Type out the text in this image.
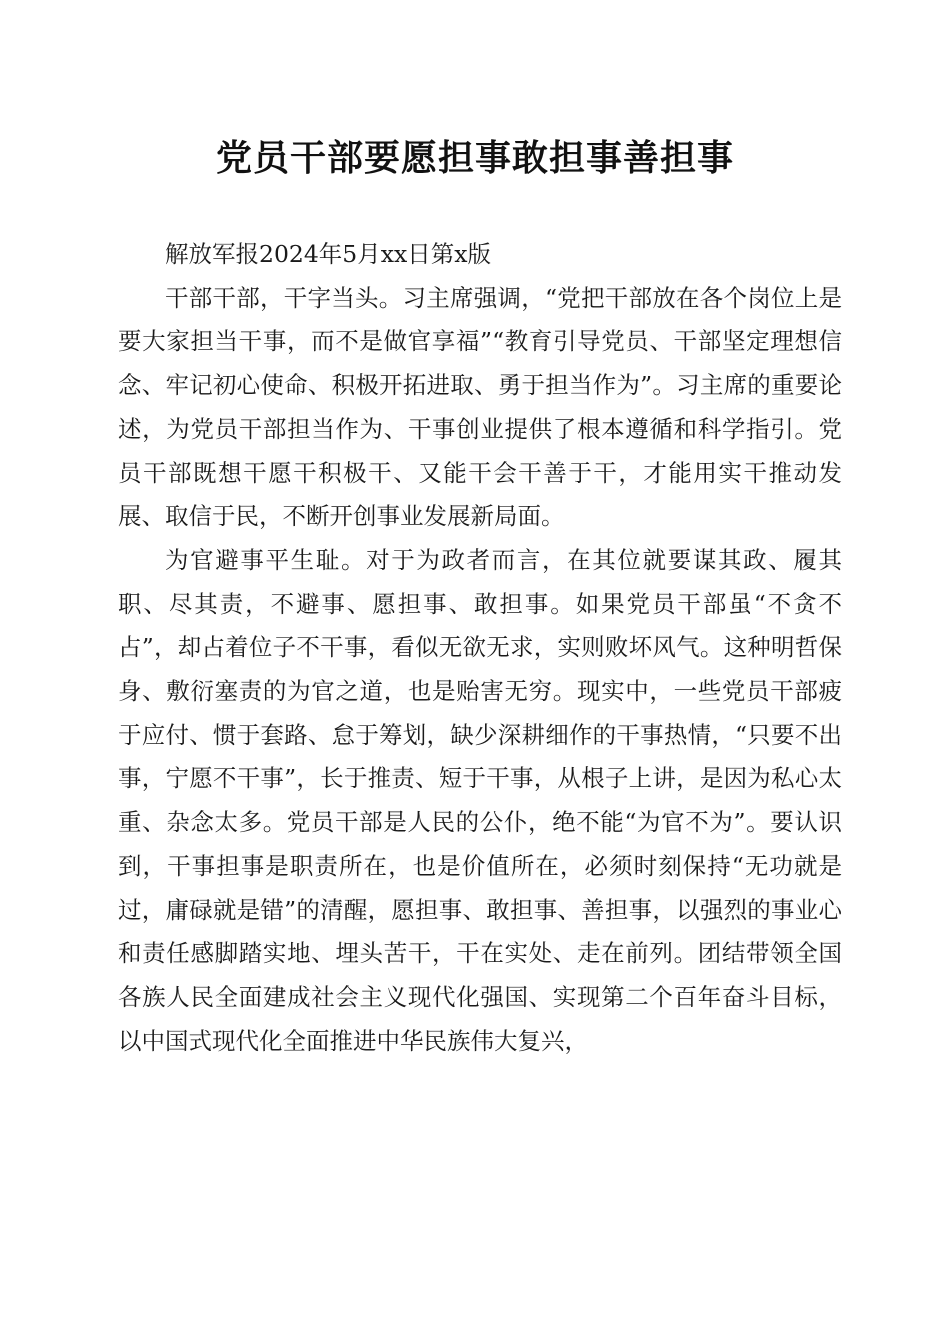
党员干部要愿担事敢担事善担事

解放军报2024年5月xx日第x版

干部干部，干字当头。习主席强调，“党把干部放在各个岗位上是要大家担当干事，而不是做官享福”“教育引导党员、干部坚定理想信念、牢记初心使命、积极开拓进取、勇于担当作为”。习主席的重要论述，为党员干部担当作为、干事创业提供了根本遵循和科学指引。党员干部既想干愿干积极干、又能干会干善于干，才能用实干推动发展、取信于民，不断开创事业发展新局面。

为官避事平生耻。对于为政者而言，在其位就要谋其政、履其职、尽其责，不避事、愿担事、敢担事。如果党员干部虽“不贪不占”，却占着位子不干事，看似无欲无求，实则败坏风气。这种明哲保身、敷衍塞责的为官之道，也是贻害无穷。现实中，一些党员干部疲于应付、惯于套路、怠于筹划，缺少深耕细作的干事热情，“只要不出事，宁愿不干事”，长于推责、短于干事，从根子上讲，是因为私心太重、杂念太多。党员干部是人民的公仆，绝不能“为官不为”。要认识到，干事担事是职责所在，也是价值所在，必须时刻保持“无功就是过，庸碌就是错”的清醒，愿担事、敢担事、善担事，以强烈的事业心和责任感脚踏实地、埋头苦干，干在实处、走在前列。团结带领全国各族人民全面建成社会主义现代化强国、实现第二个百年奋斗目标，以中国式现代化全面推进中华民族伟大复兴，
